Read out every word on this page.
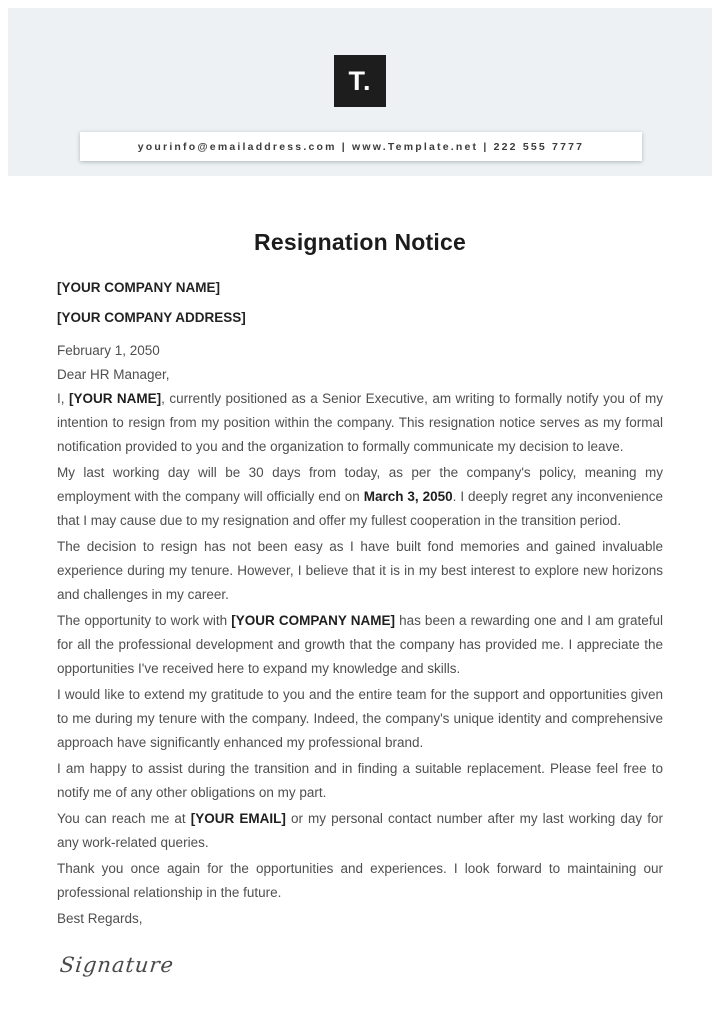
T.
yourinfo@emailaddress.com | www.Template.net | 222 555 7777
Resignation Notice

[YOUR COMPANY NAME]

[YOUR COMPANY ADDRESS]

February 1, 2050

Dear HR Manager,

I, [YOUR NAME], currently positioned as a Senior Executive, am writing to formally notify you of my intention to resign from my position within the company. This resignation notice serves as my formal notification provided to you and the organization to formally communicate my decision to leave.

My last working day will be 30 days from today, as per the company's policy, meaning my employment with the company will officially end on March 3, 2050. I deeply regret any inconvenience that I may cause due to my resignation and offer my fullest cooperation in the transition period.

The decision to resign has not been easy as I have built fond memories and gained invaluable experience during my tenure. However, I believe that it is in my best interest to explore new horizons and challenges in my career.

The opportunity to work with [YOUR COMPANY NAME] has been a rewarding one and I am grateful for all the professional development and growth that the company has provided me. I appreciate the opportunities I've received here to expand my knowledge and skills.

I would like to extend my gratitude to you and the entire team for the support and opportunities given to me during my tenure with the company. Indeed, the company's unique identity and comprehensive approach have significantly enhanced my professional brand.

I am happy to assist during the transition and in finding a suitable replacement. Please feel free to notify me of any other obligations on my part.

You can reach me at [YOUR EMAIL] or my personal contact number after my last working day for any work-related queries.

Thank you once again for the opportunities and experiences. I look forward to maintaining our professional relationship in the future.

Best Regards,

Signature
